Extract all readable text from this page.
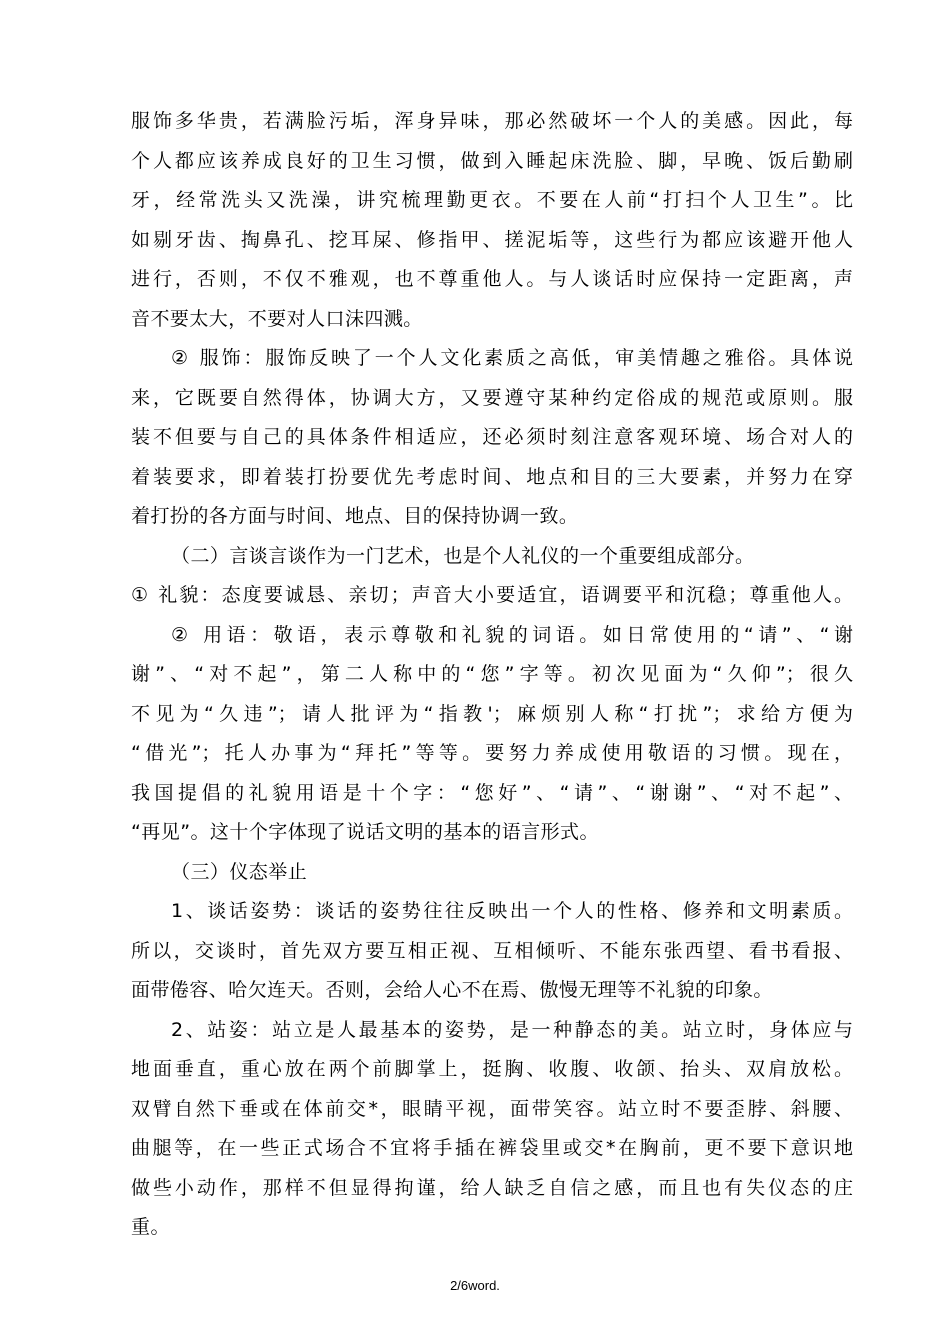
服饰多华贵，若满脸污垢，浑身异味，那必然破坏一个人的美感。因此，每
个人都应该养成良好的卫生习惯，做到入睡起床洗脸、脚，早晚、饭后勤刷
牙，经常洗头又洗澡，讲究梳理勤更衣。不要在人前“打扫个人卫生”。比
如剔牙齿、掏鼻孔、挖耳屎、修指甲、搓泥垢等，这些行为都应该避开他人
进行，否则，不仅不雅观，也不尊重他人。与人谈话时应保持一定距离，声
音不要太大，不要对人口沫四溅。
② 服饰：服饰反映了一个人文化素质之高低，审美情趣之雅俗。具体说
来，它既要自然得体，协调大方，又要遵守某种约定俗成的规范或原则。服
装不但要与自己的具体条件相适应，还必须时刻注意客观环境、场合对人的
着装要求，即着装打扮要优先考虑时间、地点和目的三大要素，并努力在穿
着打扮的各方面与时间、地点、目的保持协调一致。
（二）言谈言谈作为一门艺术，也是个人礼仪的一个重要组成部分。
① 礼貌：态度要诚恳、亲切；声音大小要适宜，语调要平和沉稳；尊重他人。
② 用语：敬语，表示尊敬和礼貌的词语。如日常使用的“请”、“谢
谢”、“对不起”，第二人称中的“您”字等。初次见面为“久仰”；很久
不见为“久违”；请人批评为“指教'；麻烦别人称“打扰”；求给方便为
“借光”；托人办事为“拜托”等等。要努力养成使用敬语的习惯。现在，
我国提倡的礼貌用语是十个字：“您好”、“请”、“谢谢”、“对不起”、
“再见”。这十个字体现了说话文明的基本的语言形式。
（三）仪态举止
1、谈话姿势：谈话的姿势往往反映出一个人的性格、修养和文明素质。
所以，交谈时，首先双方要互相正视、互相倾听、不能东张西望、看书看报、
面带倦容、哈欠连天。否则，会给人心不在焉、傲慢无理等不礼貌的印象。
2、站姿：站立是人最基本的姿势，是一种静态的美。站立时，身体应与
地面垂直，重心放在两个前脚掌上，挺胸、收腹、收颌、抬头、双肩放松。
双臂自然下垂或在体前交*，眼睛平视，面带笑容。站立时不要歪脖、斜腰、
曲腿等，在一些正式场合不宜将手插在裤袋里或交*在胸前，更不要下意识地
做些小动作，那样不但显得拘谨，给人缺乏自信之感，而且也有失仪态的庄
重。
2/6word.
